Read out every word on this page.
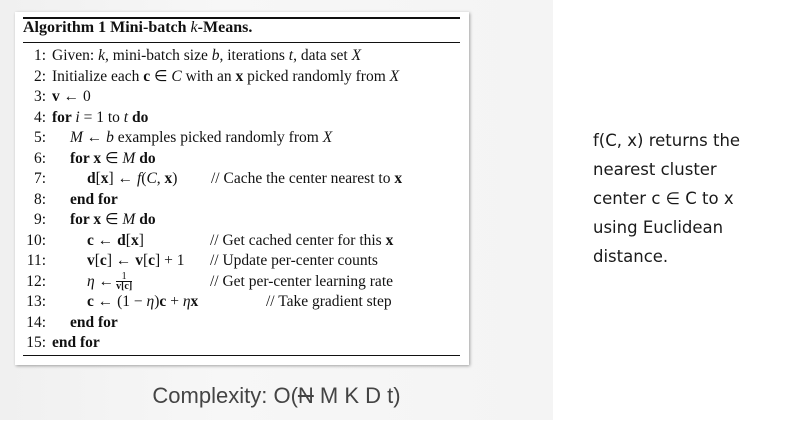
Algorithm 1 Mini-batch k-Means.
1: Given: k, mini-batch size b, iterations t, data set X
2: Initialize each c ∈ C with an x picked randomly from X
3: v ← 0
4: for i = 1 to t do
5: M ← b examples picked randomly from X
6: for x ∈ M do
7:	d[x] ← f(C, x) // Cache the center nearest to x
8: end for
9: for x ∈ M do
10:	c ← d[x]	// Get cached center for this x
11:	v[c] ← v[c] + 1 // Update per-center counts
12:	η ← $\frac{1}{v[c]}$	// Get per-center learning rate
13:	c ← (1 − η)c + ηx	// Take gradient step
14: end for
15: end for
Complexity: O(N M K D t)
f(C, x) returns the
nearest cluster
center c ∈ C to x
using Euclidean
distance.
